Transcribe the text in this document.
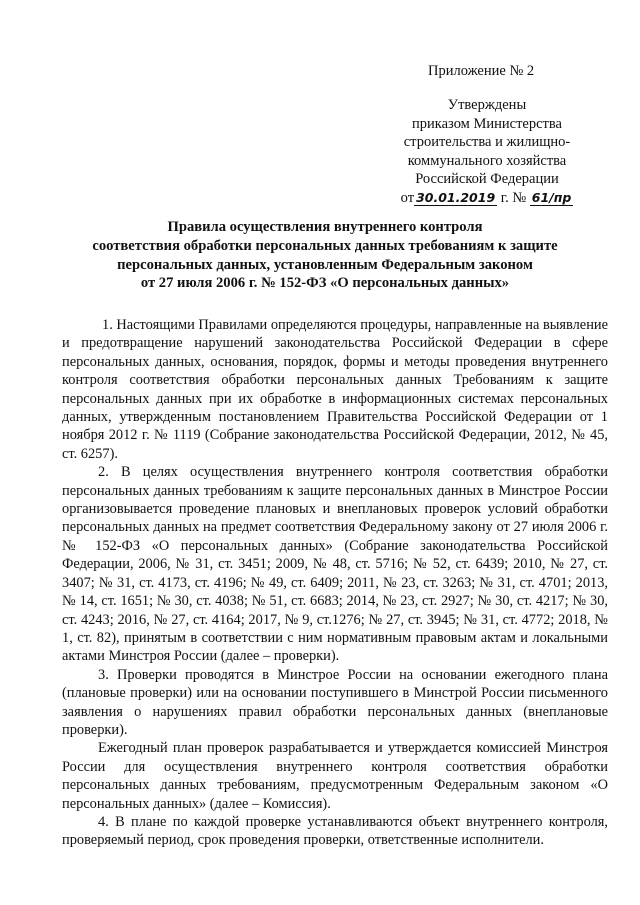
Приложение № 2
Утверждены
приказом Министерства
строительства и жилищно-
коммунального хозяйства
Российской Федерации
от 30.01.2019 г. № 61/пр
Правила осуществления внутреннего контроля
соответствия обработки персональных данных требованиям к защите
персональных данных, установленным Федеральным законом
от 27 июля 2006 г. № 152-ФЗ «О персональных данных»

1. Настоящими Правилами определяются процедуры, направленные на выявление и предотвращение нарушений законодательства Российской Федерации в сфере персональных данных, основания, порядок, формы и методы проведения внутреннего контроля соответствия обработки персональных данных Требованиям к защите персональных данных при их обработке в информационных системах персональных данных, утвержденным постановлением Правительства Российской Федерации от 1 ноября 2012 г. № 1119 (Собрание законодательства Российской Федерации, 2012, № 45, ст. 6257).

2. В целях осуществления внутреннего контроля соответствия обработки персональных данных требованиям к защите персональных данных в Минстрое России организовывается проведение плановых и внеплановых проверок условий обработки персональных данных на предмет соответствия Федеральному закону от 27 июля 2006 г. № 152-ФЗ «О персональных данных» (Собрание законодательства Российской Федерации, 2006, № 31, ст. 3451; 2009, № 48, ст. 5716; № 52, ст. 6439; 2010, № 27, ст. 3407; № 31, ст. 4173, ст. 4196; № 49, ст. 6409; 2011, № 23, ст. 3263; № 31, ст. 4701; 2013, № 14, ст. 1651; № 30, ст. 4038; № 51, ст. 6683; 2014, № 23, ст. 2927; № 30, ст. 4217; № 30, ст. 4243; 2016, № 27, ст. 4164; 2017, № 9, ст.1276; № 27, ст. 3945; № 31, ст. 4772; 2018, № 1, ст. 82), принятым в соответствии с ним нормативным правовым актам и локальными актами Минстроя России (далее – проверки).

3. Проверки проводятся в Минстрое России на основании ежегодного плана (плановые проверки) или на основании поступившего в Минстрой России письменного заявления о нарушениях правил обработки персональных данных (внеплановые проверки).

Ежегодный план проверок разрабатывается и утверждается комиссией Минстроя России для осуществления внутреннего контроля соответствия обработки персональных данных требованиям, предусмотренным Федеральным законом «О персональных данных» (далее – Комиссия).

4. В плане по каждой проверке устанавливаются объект внутреннего контроля, проверяемый период, срок проведения проверки, ответственные исполнители.
